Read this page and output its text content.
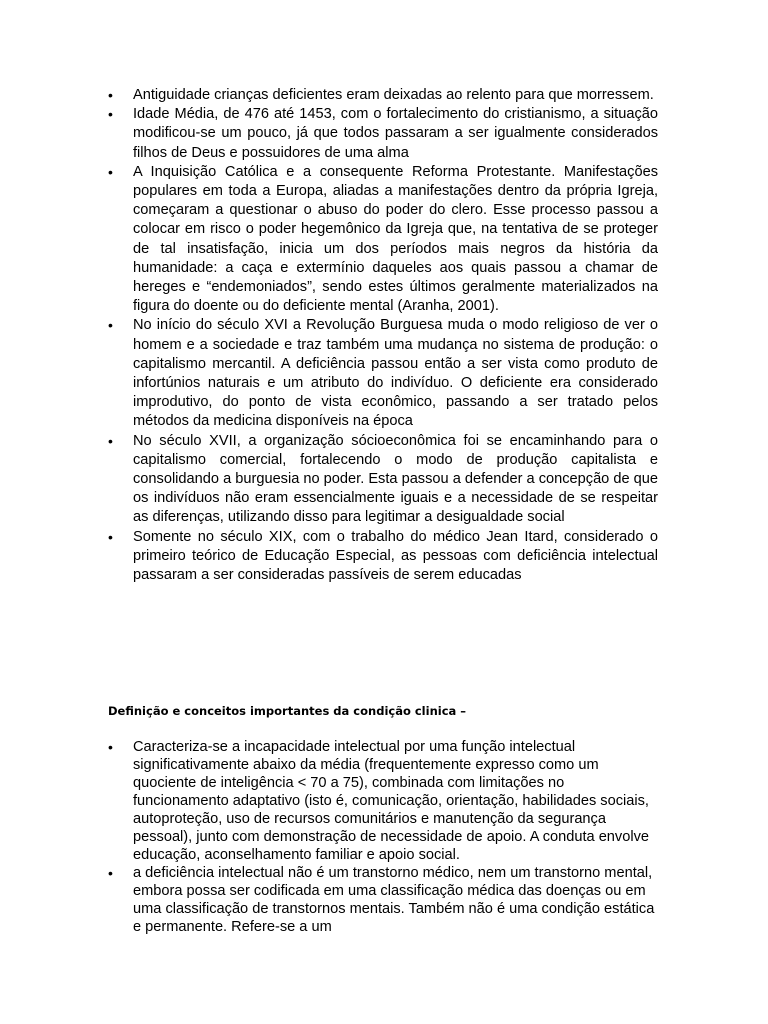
• Antiguidade crianças deficientes eram deixadas ao relento para que morressem.
• Idade Média, de 476 até 1453, com o fortalecimento do cristianismo, a situação modificou-se um pouco, já que todos passaram a ser igualmente considerados filhos de Deus e possuidores de uma alma
• A Inquisição Católica e a consequente Reforma Protestante. Manifestações populares em toda a Europa, aliadas a manifestações dentro da própria Igreja, começaram a questionar o abuso do poder do clero. Esse processo passou a colocar em risco o poder hegemônico da Igreja que, na tentativa de se proteger de tal insatisfação, inicia um dos períodos mais negros da história da humanidade: a caça e extermínio daqueles aos quais passou a chamar de hereges e “endemoniados”, sendo estes últimos geralmente materializados na figura do doente ou do deficiente mental (Aranha, 2001).
• No início do século XVI a Revolução Burguesa muda o modo religioso de ver o homem e a sociedade e traz também uma mudança no sistema de produção: o capitalismo mercantil. A deficiência passou então a ser vista como produto de infortúnios naturais e um atributo do indivíduo. O deficiente era considerado improdutivo, do ponto de vista econômico, passando a ser tratado pelos métodos da medicina disponíveis na época
• No século XVII, a organização sócioeconômica foi se encaminhando para o capitalismo comercial, fortalecendo o modo de produção capitalista e consolidando a burguesia no poder. Esta passou a defender a concepção de que os indivíduos não eram essencialmente iguais e a necessidade de se respeitar as diferenças, utilizando disso para legitimar a desigualdade social
• Somente no século XIX, com o trabalho do médico Jean Itard, considerado o primeiro teórico de Educação Especial, as pessoas com deficiência intelectual passaram a ser consideradas passíveis de serem educadas
Definição e conceitos importantes da condição clinica –
• Caracteriza-se a incapacidade intelectual por uma função intelectual significativamente abaixo da média (frequentemente expresso como um quociente de inteligência < 70 a 75), combinada com limitações no funcionamento adaptativo (isto é, comunicação, orientação, habilidades sociais, autoproteção, uso de recursos comunitários e manutenção da segurança pessoal), junto com demonstração de necessidade de apoio. A conduta envolve educação, aconselhamento familiar e apoio social.
• a deficiência intelectual não é um transtorno médico, nem um transtorno mental, embora possa ser codificada em uma classificação médica das doenças ou em uma classificação de transtornos mentais. Também não é uma condição estática e permanente. Refere-se a um
